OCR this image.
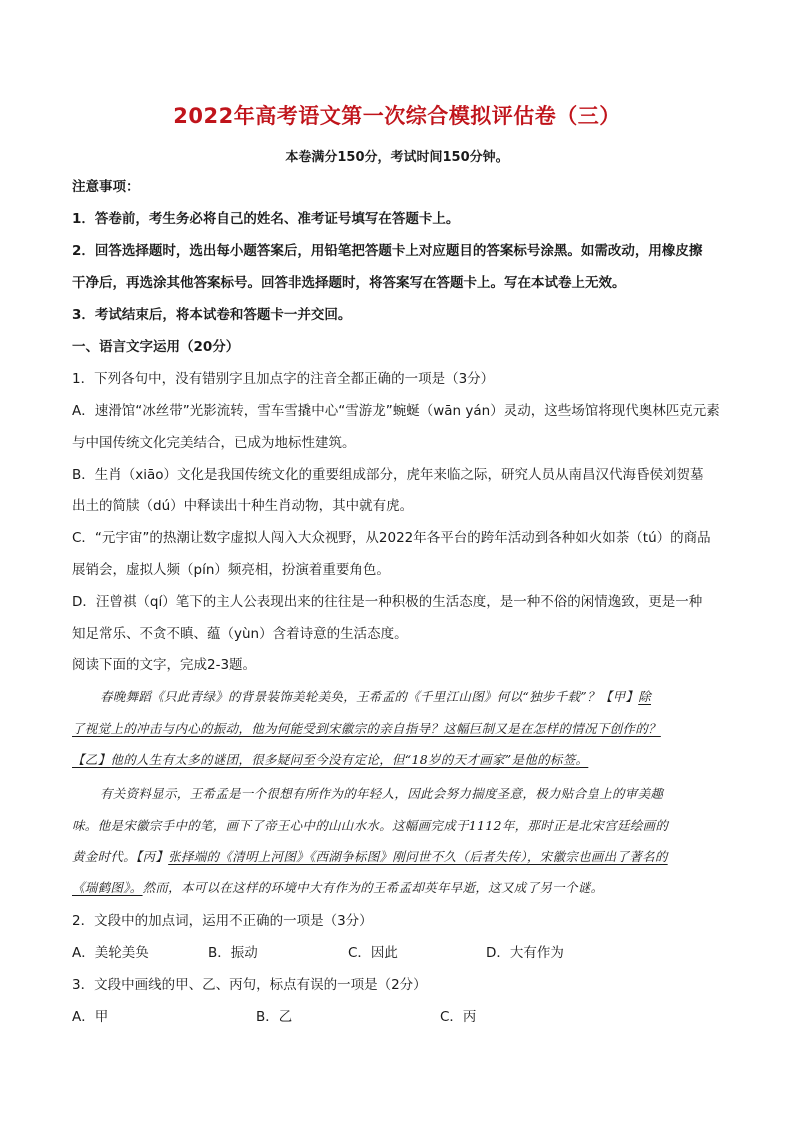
2022年高考语文第一次综合模拟评估卷（三）
本卷满分150分，考试时间150分钟。
注意事项：
1．答卷前，考生务必将自己的姓名、准考证号填写在答题卡上。
2．回答选择题时，选出每小题答案后，用铅笔把答题卡上对应题目的答案标号涂黑。如需改动，用橡皮擦
干净后，再选涂其他答案标号。回答非选择题时，将答案写在答题卡上。写在本试卷上无效。
3．考试结束后，将本试卷和答题卡一并交回。
一、语言文字运用（20分）
1．下列各句中，没有错别字且加点字的注音全都正确的一项是（3分）
A．速滑馆“冰丝带”光影流转，雪车雪撬中心“雪游龙”蜿蜒（wān yán）灵动，这些场馆将现代奥林匹克元素
与中国传统文化完美结合，已成为地标性建筑。
B．生肖（xiāo）文化是我国传统文化的重要组成部分，虎年来临之际，研究人员从南昌汉代海昏侯刘贺墓
出土的简牍（dú）中释读出十种生肖动物，其中就有虎。
C．“元宇宙”的热潮让数字虚拟人闯入大众视野，从2022年各平台的跨年活动到各种如火如荼（tú）的商品
展销会，虚拟人频（pín）频亮相，扮演着重要角色。
D．汪曾祺（qí）笔下的主人公表现出来的往往是一种积极的生活态度，是一种不俗的闲情逸致，更是一种
知足常乐、不贪不瞋、蕴（yùn）含着诗意的生活态度。
阅读下面的文字，完成2-3题。
春晚舞蹈《只此青绿》的背景装饰美轮美奂，王希孟的《千里江山图》何以“独步千载”？【甲】除
了视觉上的冲击与内心的振动，他为何能受到宋徽宗的亲自指导？这幅巨制又是在怎样的情况下创作的？
【乙】他的人生有太多的谜团，很多疑问至今没有定论，但“18岁的天才画家”是他的标签。
有关资料显示，王希孟是一个很想有所作为的年轻人，因此会努力揣度圣意，极力贴合皇上的审美趣
味。他是宋徽宗手中的笔，画下了帝王心中的山山水水。这幅画完成于1112年，那时正是北宋宫廷绘画的
黄金时代。【丙】张择端的《清明上河图》《西湖争标图》刚问世不久（后者失传），宋徽宗也画出了著名的
《瑞鹤图》。然而，本可以在这样的环境中大有作为的王希孟却英年早逝，这又成了另一个谜。
2．文段中的加点词，运用不正确的一项是（3分）
A．美轮美奂	B．振动	C．因此	D．大有作为
3．文段中画线的甲、乙、丙句，标点有误的一项是（2分）
A．甲	B．乙	C．丙
